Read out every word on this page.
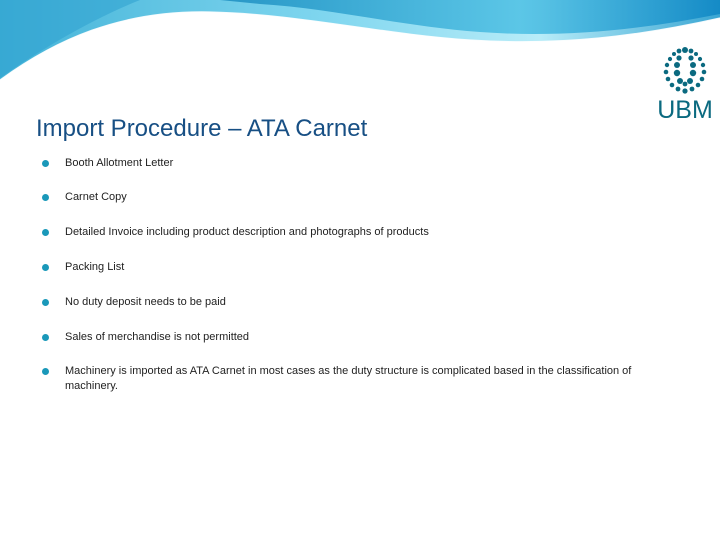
UBM
Import Procedure – ATA Carnet
Booth Allotment Letter
Carnet Copy
Detailed Invoice including product description and photographs of products
Packing List
No duty deposit needs to be paid
Sales of merchandise is not permitted
Machinery is imported as ATA Carnet in most cases as the duty structure is complicated based in the classification of machinery.
